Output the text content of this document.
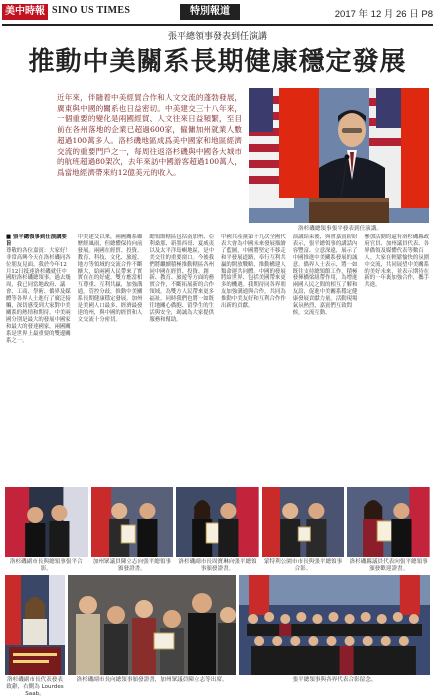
美中時報 SINO US TIMES	特別報道	2017 年 12 月 26 日 P8
張平總領事發表到任演講
推動中美關系長期健康穩定發展
近年來，伴隨着中美經貿合作和人文交流的蓬勃發展，廣東與中國的關系也日益密切。中美建交三十八年來，一個重要的變化是兩國經貿、人文往來日益頻繁，至目前在各州落地的企業已超過600家，僱傭加州就業人數超過100萬多人。洛杉磯地區成爲美中國家和地區經濟交流的重要門戶之一，每周往返洛杉磯與中國各大城市的航班超過80架次，去年來訪中國游客超過100萬人，爲當地經濟帶來約12億美元的收入。
洛杉磯總領事張平發表到任演講。
■ 張平總領事到任演講要旨
尊敬的各位嘉賓：大家好！非常高興今天在洛杉磯同各位朋友見面。我於今年12月12日抵達洛杉磯就任中國駐洛杉磯總領事。過去幾周，我已同當地政府、議會、工商、學術、僑界及媒體等各界人士進行了廣泛接觸，深切感受到大家對中美關系的熱情和期待。中美兩國分別是最大的發展中國家和最大的發達國家，兩國關系是世界上最重要的雙邊關系之一。
中美建交以來，兩國關系雖歷經風雨，但總體保持向前發展。兩國在經貿、投資、教育、科技、文化、旅遊、地方等領域的交流合作不斷擴大，給兩國人民帶來了實實在在的好處。雙方應當相互尊重、互利共贏，加強溝通，管控分歧，推動中美關系長期健康穩定發展。加州是美國人口最多、經濟最發達的州，與中國的經貿和人文交流十分密切。
總領館轄區包括南加州、亞利桑那、新墨西哥、夏威夷以及太平洋島嶼地區，是中美交往的重要窗口。今後我們將繼續積極推動轄區各州同中國在經貿、投資、創新、教育、旅遊等方面的務實合作，不斷拓展新的合作領域，為雙方人民帶來更多福祉。同時我們也將一如既往地關心僑胞、留學生的生活與安全，竭誠為大家提供服務和幫助。
中國共產黨第十九次全國代表大會為中國未來發展描繪了藍圖，中國將堅定不移走和平發展道路，奉行互利共贏的開放戰略，推動構建人類命運共同體。中國的發展將給世界、包括美國帶來更多的機遇。我期待同各界朋友加強溝通與合作，共同為推動中美友好和互利合作作出新的貢獻。
演講結束後，與會嘉賓紛紛表示，張平總領事的講話內容豐富、立意深遠，展示了中國推進中美關系發展的誠意。僑界人士表示，將一如既往支持總領館工作，積極發揮橋梁紐帶作用，為增進兩國人民之間的相互了解和友誼，促進中美關系穩定健康發展貢獻力量。活動現場氣氛熱烈，嘉賓們互致問候，交流互動。
參加活動的還有洛杉磯縣政府官員、加州議員代表、各界僑領及媒體代表等數百人。大家在輕鬆愉快的氛圍中交流，共同展望中美關系的美好未來，並表示期待在新的一年裏加強合作，攜手共進。
洛杉磯副市長與總領事張平合影。
加州眾議員陳立志向張平總領事頒發證書。
洛杉磯副市長周寶琳向張平總領事頒發證書。
蒙特利公園市市長與張平總領事合影。
洛杉磯縣議員代表向張平總領事頒發歡迎證書。
洛杉磯副市長代表發表致辭，右側為 Lourdes Saab。
洛杉磯副市長向總領事頒發證書，加州眾議員陳立志等出席。	張平總領事與各界代表合影留念。
